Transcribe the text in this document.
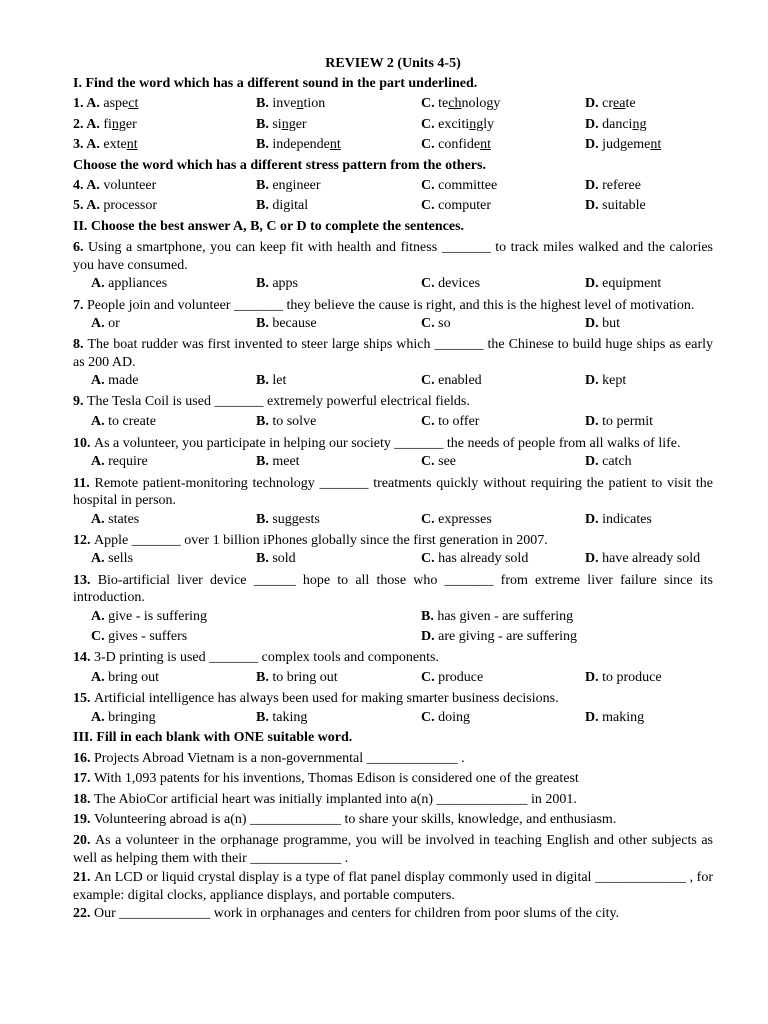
REVIEW 2 (Units 4-5)
I. Find the word which has a different sound in the part underlined.
1. A. aspect	B. invention	C. technology	D. create
2. A. finger	B. singer	C. excitingly	D. dancing
3. A. extent	B. independent	C. confident	D. judgement
Choose the word which has a different stress pattern from the others.
4. A. volunteer	B. engineer	C. committee	D. referee
5. A. processor	B. digital	C. computer	D. suitable
II. Choose the best answer A, B, C or D to complete the sentences.
6. Using a smartphone, you can keep fit with health and fitness _______ to track miles walked and the calories you have consumed.
A. appliances	B. apps	C. devices	D. equipment
7. People join and volunteer _______ they believe the cause is right, and this is the highest level of motivation.
A. or	B. because	C. so	D. but
8. The boat rudder was first invented to steer large ships which _______ the Chinese to build huge ships as early as 200 AD.
A. made	B. let	C. enabled	D. kept
9. The Tesla Coil is used _______ extremely powerful electrical fields.
A. to create	B. to solve	C. to offer	D. to permit
10. As a volunteer, you participate in helping our society _______ the needs of people from all walks of life.
A. require	B. meet	C. see	D. catch
11. Remote patient-monitoring technology _______ treatments quickly without requiring the patient to visit the hospital in person.
A. states	B. suggests	C. expresses	D. indicates
12. Apple _______ over 1 billion iPhones globally since the first generation in 2007.
A. sells	B. sold	C. has already sold	D. have already sold
13. Bio-artificial liver device ______ hope to all those who _______ from extreme liver failure since its introduction.
A. give - is suffering	B. has given - are suffering
C. gives - suffers	D. are giving - are suffering
14. 3-D printing is used _______ complex tools and components.
A. bring out	B. to bring out	C. produce	D. to produce
15. Artificial intelligence has always been used for making smarter business decisions.
A. bringing	B. taking	C. doing	D. making
III. Fill in each blank with ONE suitable word.
16. Projects Abroad Vietnam is a non-governmental _____________ .
17. With 1,093 patents for his inventions, Thomas Edison is considered one of the greatest
18. The AbioCor artificial heart was initially implanted into a(n) _____________ in 2001.
19. Volunteering abroad is a(n) _____________ to share your skills, knowledge, and enthusiasm.
20. As a volunteer in the orphanage programme, you will be involved in teaching English and other subjects as well as helping them with their _____________ .
21. An LCD or liquid crystal display is a type of flat panel display commonly used in digital _____________ , for example: digital clocks, appliance displays, and portable computers.
22. Our _____________ work in orphanages and centers for children from poor slums of the city.
